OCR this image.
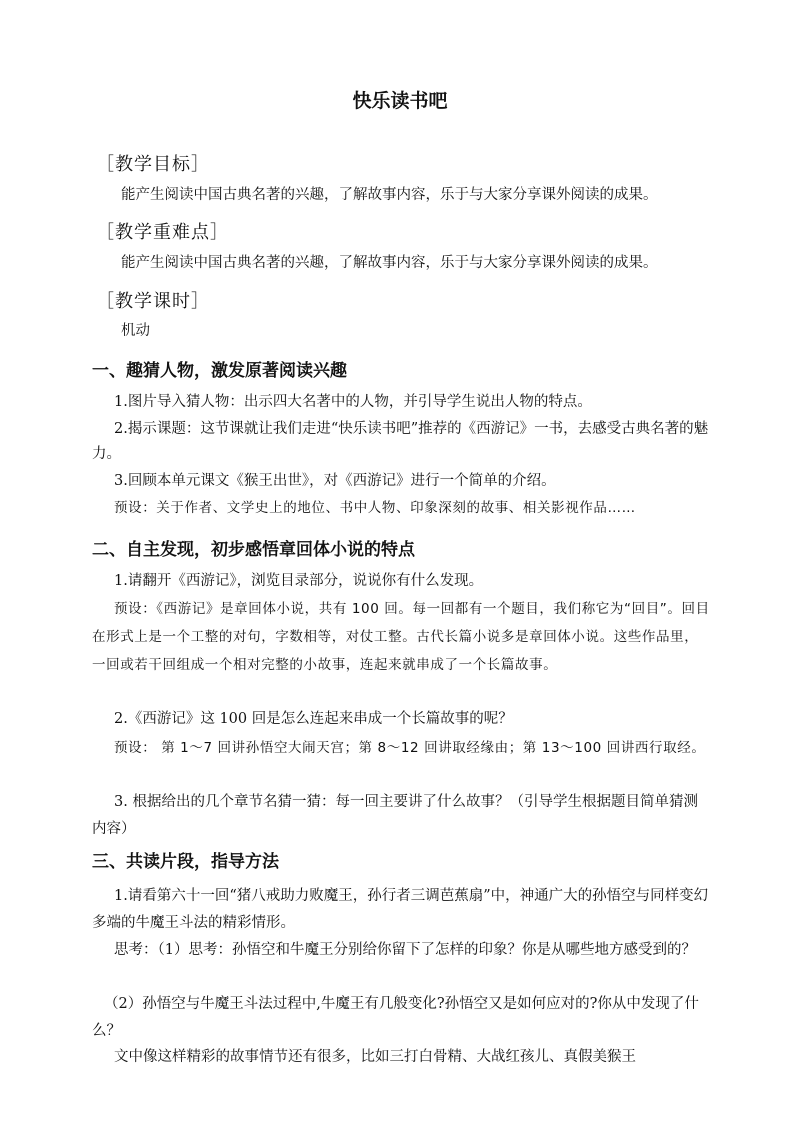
快乐读书吧
［教学目标］
能产生阅读中国古典名著的兴趣，了解故事内容，乐于与大家分享课外阅读的成果。
［教学重难点］
能产生阅读中国古典名著的兴趣，了解故事内容，乐于与大家分享课外阅读的成果。
［教学课时］
机动
一、趣猜人物，激发原著阅读兴趣
1.图片导入猜人物：出示四大名著中的人物，并引导学生说出人物的特点。
2.揭示课题：这节课就让我们走进“快乐读书吧”推荐的《西游记》一书，去感受古典名著的魅力。
3.回顾本单元课文《猴王出世》，对《西游记》进行一个简单的介绍。
预设：关于作者、文学史上的地位、书中人物、印象深刻的故事、相关影视作品……
二、自主发现，初步感悟章回体小说的特点
1.请翻开《西游记》，浏览目录部分，说说你有什么发现。
预设：《西游记》是章回体小说，共有 100 回。每一回都有一个题目，我们称它为“回目”。回目在形式上是一个工整的对句，字数相等，对仗工整。古代长篇小说多是章回体小说。这些作品里，一回或若干回组成一个相对完整的小故事，连起来就串成了一个长篇故事。
2.《西游记》这 100 回是怎么连起来串成一个长篇故事的呢？
预设： 第 1～7 回讲孙悟空大闹天宫；第 8～12 回讲取经缘由；第 13～100 回讲西行取经。
3. 根据给出的几个章节名猜一猜：每一回主要讲了什么故事？（引导学生根据题目简单猜测内容）
三、共读片段，指导方法
1.请看第六十一回“猪八戒助力败魔王，孙行者三调芭蕉扇”中，神通广大的孙悟空与同样变幻多端的牛魔王斗法的精彩情形。
思考：（1）思考：孙悟空和牛魔王分别给你留下了怎样的印象？你是从哪些地方感受到的？
（2）孙悟空与牛魔王斗法过程中,牛魔王有几般变化?孙悟空又是如何应对的?你从中发现了什么？
文中像这样精彩的故事情节还有很多，比如三打白骨精、大战红孩儿、真假美猴王
